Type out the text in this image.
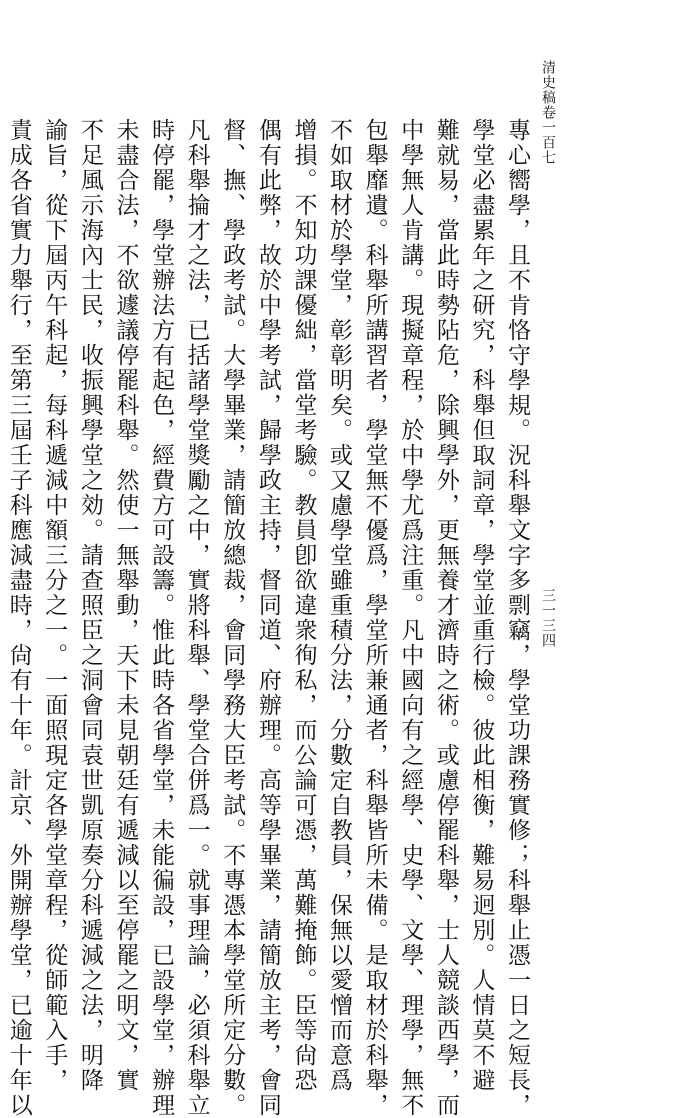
清史稿卷一百七
三一三四
專心嚮學，且不肯恪守學規。況科舉文字多剽竊，學堂功課務實修；科舉止憑一日之短長，
學堂必盡累年之研究，科舉但取詞章，學堂並重行檢。彼此相衡，難易迥別。人情莫不避
難就易，當此時勢阽危，除興學外，更無養才濟時之術。或慮停罷科舉，士人競談西學，而
中學無人肯講。現擬章程，於中學尤爲注重。凡中國向有之經學、史學、文學、理學，無不
包舉靡遺。科舉所講習者，學堂無不優爲，學堂所兼通者，科舉皆所未備。是取材於科舉，
不如取材於學堂，彰彰明矣。或又慮學堂雖重積分法，分數定自教員，保無以愛憎而意爲
增損。不知功課優絀，當堂考驗。教員卽欲違衆徇私，而公論可憑，萬難掩飾。臣等尙恐
偶有此弊，故於中學考試，歸學政主持，督同道、府辦理。高等學畢業，請簡放主考，會同
督、撫、學政考試。大學畢業，請簡放總裁，會同學務大臣考試。不專憑本學堂所定分數。
凡科舉掄才之法，已括諸學堂獎勵之中，實將科舉、學堂合併爲一。就事理論，必須科舉立
時停罷，學堂辦法方有起色，經費方可設籌。惟此時各省學堂，未能徧設，已設學堂，辦理
未盡合法，不欲遽議停罷科舉。然使一無舉動，天下未見朝廷有遞減以至停罷之明文，實
不足風示海內士民，收振興學堂之効。請查照臣之洞會同袁世凱原奏分科遞減之法，明降
諭旨，從下屆丙午科起，每科遞減中額三分之一。一面照現定各學堂章程，從師範入手，
責成各省實力舉行，至第三屆壬子科應減盡時，尙有十年。計京、外開辦學堂，已逾十年以
